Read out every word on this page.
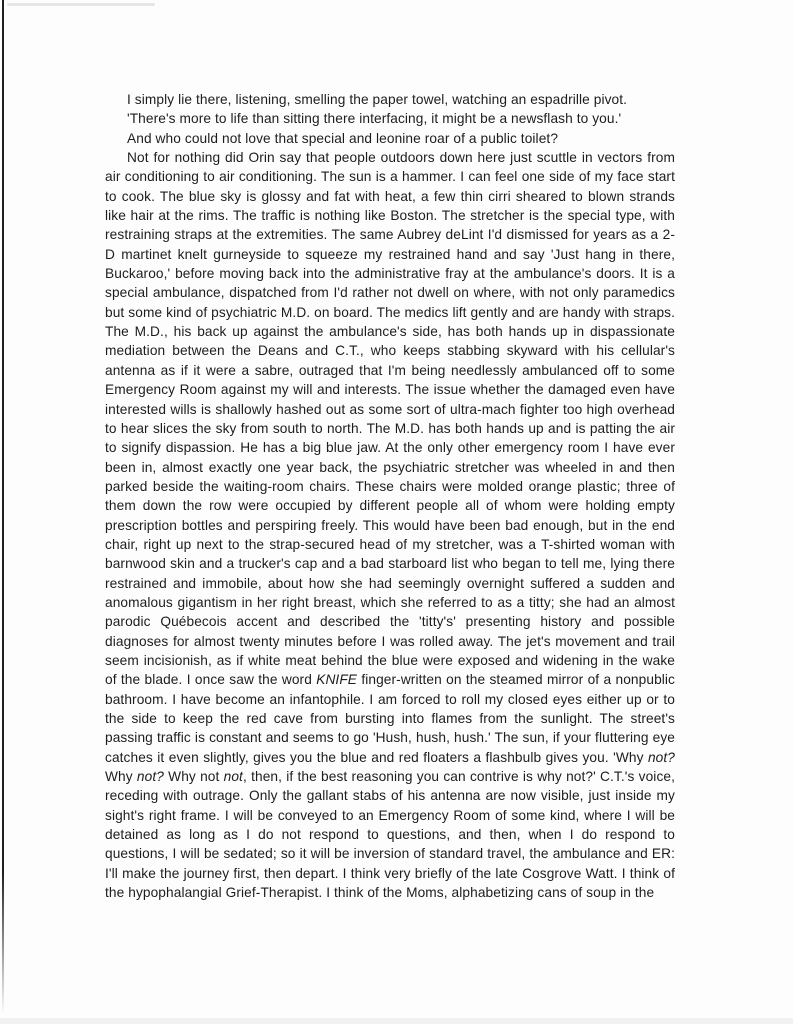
I simply lie there, listening, smelling the paper towel, watching an espadrille pivot.

'There's more to life than sitting there interfacing, it might be a newsflash to you.'

And who could not love that special and leonine roar of a public toilet?

Not for nothing did Orin say that people outdoors down here just scuttle in vectors from air conditioning to air conditioning. The sun is a hammer. I can feel one side of my face start to cook. The blue sky is glossy and fat with heat, a few thin cirri sheared to blown strands like hair at the rims. The traffic is nothing like Boston. The stretcher is the special type, with restraining straps at the extremities. The same Aubrey deLint I'd dismissed for years as a 2-D martinet knelt gurneyside to squeeze my restrained hand and say 'Just hang in there, Buckaroo,' before moving back into the administrative fray at the ambulance's doors. It is a special ambulance, dispatched from I'd rather not dwell on where, with not only paramedics but some kind of psychiatric M.D. on board. The medics lift gently and are handy with straps. The M.D., his back up against the ambulance's side, has both hands up in dispassionate mediation between the Deans and C.T., who keeps stabbing skyward with his cellular's antenna as if it were a sabre, outraged that I'm being needlessly ambulanced off to some Emergency Room against my will and interests. The issue whether the damaged even have interested wills is shallowly hashed out as some sort of ultra-mach fighter too high overhead to hear slices the sky from south to north. The M.D. has both hands up and is patting the air to signify dispassion. He has a big blue jaw. At the only other emergency room I have ever been in, almost exactly one year back, the psychiatric stretcher was wheeled in and then parked beside the waiting-room chairs. These chairs were molded orange plastic; three of them down the row were occupied by different people all of whom were holding empty prescription bottles and perspiring freely. This would have been bad enough, but in the end chair, right up next to the strap-secured head of my stretcher, was a T-shirted woman with barnwood skin and a trucker's cap and a bad starboard list who began to tell me, lying there restrained and immobile, about how she had seemingly overnight suffered a sudden and anomalous gigantism in her right breast, which she referred to as a titty; she had an almost parodic Québecois accent and described the 'titty's' presenting history and possible diagnoses for almost twenty minutes before I was rolled away. The jet's movement and trail seem incisionish, as if white meat behind the blue were exposed and widening in the wake of the blade. I once saw the word KNIFE finger-written on the steamed mirror of a nonpublic bathroom. I have become an infantophile. I am forced to roll my closed eyes either up or to the side to keep the red cave from bursting into flames from the sunlight. The street's passing traffic is constant and seems to go 'Hush, hush, hush.' The sun, if your fluttering eye catches it even slightly, gives you the blue and red floaters a flashbulb gives you. 'Why not? Why not? Why not not, then, if the best reasoning you can contrive is why not?' C.T.'s voice, receding with outrage. Only the gallant stabs of his antenna are now visible, just inside my sight's right frame. I will be conveyed to an Emergency Room of some kind, where I will be detained as long as I do not respond to questions, and then, when I do respond to questions, I will be sedated; so it will be inversion of standard travel, the ambulance and ER: I'll make the journey first, then depart. I think very briefly of the late Cosgrove Watt. I think of the hypophalangial Grief-Therapist. I think of the Moms, alphabetizing cans of soup in the
